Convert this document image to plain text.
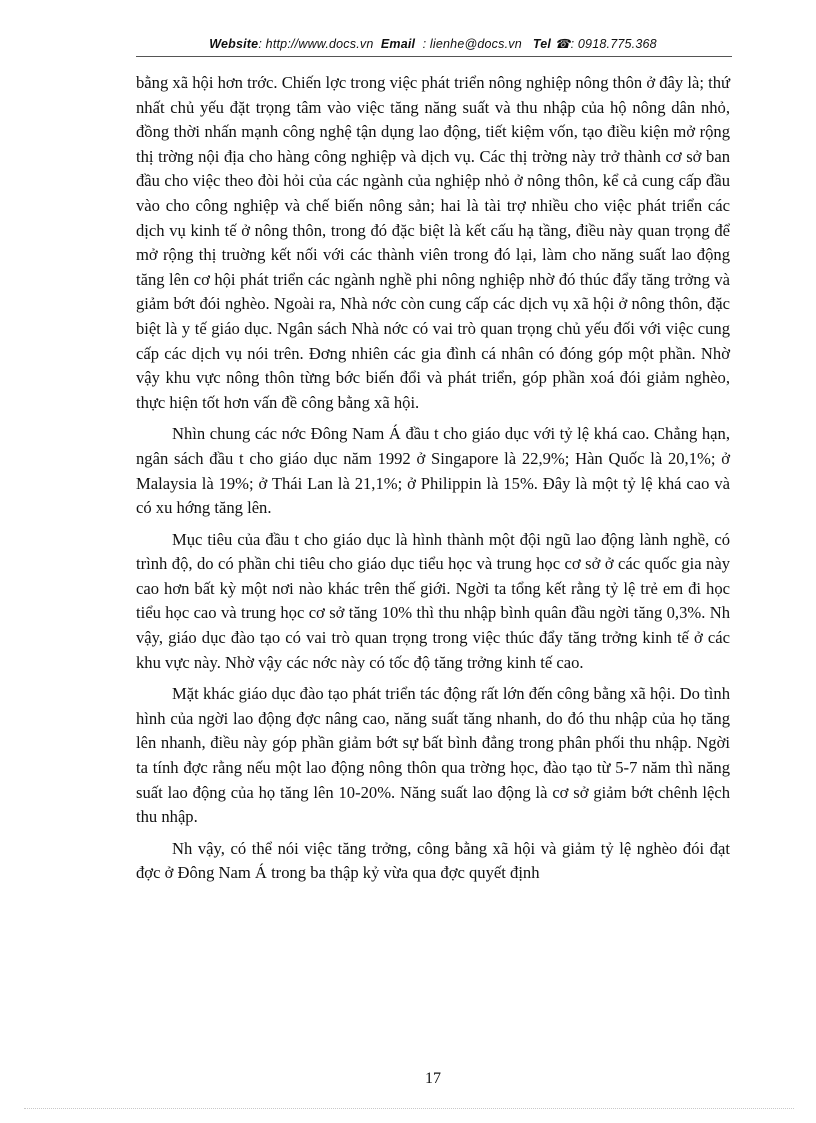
Website: http://www.docs.vn Email : lienhe@docs.vn Tel ☎: 0918.775.368

bằng xã hội hơn trớc. Chiến lợc trong việc phát triển nông nghiệp nông thôn ở đây là; thứ nhất chủ yếu đặt trọng tâm vào việc tăng năng suất và thu nhập của hộ nông dân nhỏ, đồng thời nhấn mạnh công nghệ tận dụng lao động, tiết kiệm vốn, tạo điều kiện mở rộng thị trờng nội địa cho hàng công nghiệp và dịch vụ. Các thị trờng này trở thành cơ sở ban đầu cho việc theo đòi hỏi của các ngành của nghiệp nhỏ ở nông thôn, kể cả cung cấp đầu vào cho công nghiệp và chế biến nông sản; hai là tài trợ nhiều cho việc phát triển các dịch vụ kinh tế ở nông thôn, trong đó đặc biệt là kết cấu hạ tầng, điều này quan trọng để mở rộng thị truờng kết nối với các thành viên trong đó lại, làm cho năng suất lao động tăng lên cơ hội phát triển các ngành nghề phi nông nghiệp nhờ đó thúc đẩy tăng trởng và giảm bớt đói nghèo. Ngoài ra, Nhà nớc còn cung cấp các dịch vụ xã hội ở nông thôn, đặc biệt là y tế giáo dục. Ngân sách Nhà nớc có vai trò quan trọng chủ yếu đối với việc cung cấp các dịch vụ nói trên. Đơng nhiên các gia đình cá nhân có đóng góp một phần. Nhờ vậy khu vực nông thôn từng bớc biến đổi và phát triển, góp phần xoá đói giảm nghèo, thực hiện tốt hơn vấn đề công bằng xã hội.

Nhìn chung các nớc Đông Nam Á đầu t cho giáo dục với tỷ lệ khá cao. Chẳng hạn, ngân sách đầu t cho giáo dục năm 1992 ở Singapore là 22,9%; Hàn Quốc là 20,1%; ở Malaysia là 19%; ở Thái Lan là 21,1%; ở Philippin là 15%. Đây là một tỷ lệ khá cao và có xu hớng tăng lên.

Mục tiêu của đầu t cho giáo dục là hình thành một đội ngũ lao động lành nghề, có trình độ, do có phần chi tiêu cho giáo dục tiểu học và trung học cơ sở ở các quốc gia này cao hơn bất kỳ một nơi nào khác trên thế giới. Ngời ta tổng kết rằng tỷ lệ trẻ em đi học tiểu học cao và trung học cơ sở tăng 10% thì thu nhập bình quân đầu ngời tăng 0,3%. Nh vậy, giáo dục đào tạo có vai trò quan trọng trong việc thúc đẩy tăng trởng kinh tế ở các khu vực này. Nhờ vậy các nớc này có tốc độ tăng trởng kinh tế cao.

Mặt khác giáo dục đào tạo phát triển tác động rất lớn đến công bằng xã hội. Do tình hình của ngời lao động đợc nâng cao, năng suất tăng nhanh, do đó thu nhập của họ tăng lên nhanh, điều này góp phần giảm bớt sự bất bình đẳng trong phân phối thu nhập. Ngời ta tính đợc rằng nếu một lao động nông thôn qua trờng học, đào tạo từ 5-7 năm thì năng suất lao động của họ tăng lên 10-20%. Năng suất lao động là cơ sở giảm bớt chênh lệch thu nhập.

Nh vậy, có thể nói việc tăng trởng, công bằng xã hội và giảm tỷ lệ nghèo đói đạt đợc ở Đông Nam Á trong ba thập kỷ vừa qua đợc quyết định

17
